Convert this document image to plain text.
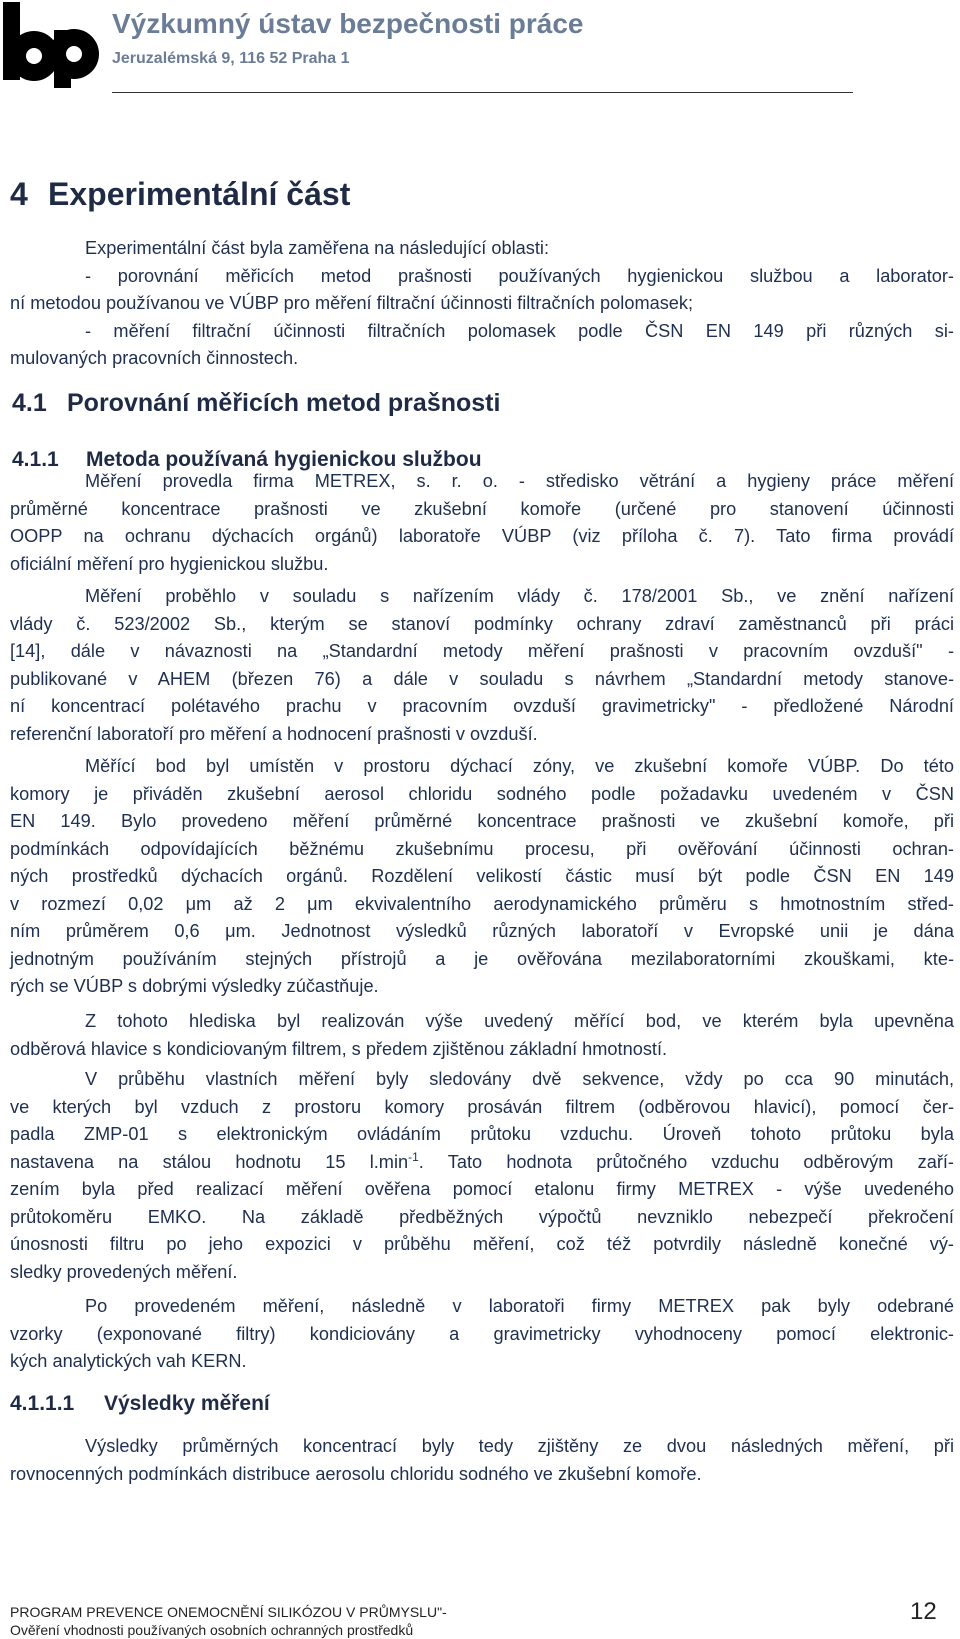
Výzkumný ústav bezpečnosti práce
Jeruzalémská 9, 116 52 Praha 1
4 Experimentální část
Experimentální část byla zaměřena na následující oblasti:
- porovnání měřicích metod prašnosti používaných hygienickou službou a laborator-
ní metodou používanou ve VÚBP pro měření filtrační účinnosti filtračních polomasek;
- měření filtrační účinnosti filtračních polomasek podle ČSN EN 149 při různých si-
mulovaných pracovních činnostech.
4.1 Porovnání měřicích metod prašnosti
4.1.1 Metoda používaná hygienickou službou
Měření provedla firma METREX, s. r. o. - středisko větrání a hygieny práce měření
průměrné koncentrace prašnosti ve zkušební komoře (určené pro stanovení účinnosti
OOPP na ochranu dýchacích orgánů) laboratoře VÚBP (viz příloha č. 7). Tato firma provádí
oficiální měření pro hygienickou službu.
Měření proběhlo v souladu s nařízením vlády č. 178/2001 Sb., ve znění nařízení
vlády č. 523/2002 Sb., kterým se stanoví podmínky ochrany zdraví zaměstnanců při práci
[14], dále v návaznosti na „Standardní metody měření prašnosti v pracovním ovzduší" -
publikované v AHEM (březen 76) a dále v souladu s návrhem „Standardní metody stanove-
ní koncentrací polétavého prachu v pracovním ovzduší gravimetricky" - předložené Národní
referenční laboratoří pro měření a hodnocení prašnosti v ovzduší.
Měřící bod byl umístěn v prostoru dýchací zóny, ve zkušební komoře VÚBP. Do této
komory je přiváděn zkušební aerosol chloridu sodného podle požadavku uvedeném v ČSN
EN 149. Bylo provedeno měření průměrné koncentrace prašnosti ve zkušební komoře, při
podmínkách odpovídajících běžnému zkušebnímu procesu, při ověřování účinnosti ochran-
ných prostředků dýchacích orgánů. Rozdělení velikostí částic musí být podle ČSN EN 149
v rozmezí 0,02 μm až 2 μm ekvivalentního aerodynamického průměru s hmotnostním střed-
ním průměrem 0,6 μm. Jednotnost výsledků různých laboratoří v Evropské unii je dána
jednotným používáním stejných přístrojů a je ověřována mezilaboratorními zkouškami, kte-
rých se VÚBP s dobrými výsledky zúčastňuje.
Z tohoto hlediska byl realizován výše uvedený měřící bod, ve kterém byla upevněna
odběrová hlavice s kondiciovaným filtrem, s předem zjištěnou základní hmotností.
V průběhu vlastních měření byly sledovány dvě sekvence, vždy po cca 90 minutách,
ve kterých byl vzduch z prostoru komory prosáván filtrem (odběrovou hlavicí), pomocí čer-
padla ZMP-01 s elektronickým ovládáním průtoku vzduchu. Úroveň tohoto průtoku byla
nastavena na stálou hodnotu 15 $l.\min^{-1}$. Tato hodnota průtočného vzduchu odběrovým zaří-
zením byla před realizací měření ověřena pomocí etalonu firmy METREX - výše uvedeného
průtokoměru EMKO. Na základě předběžných výpočtů nevzniklo nebezpečí překročení
únosnosti filtru po jeho expozici v průběhu měření, což též potvrdily následně konečné vý-
sledky provedených měření.
Po provedeném měření, následně v laboratoři firmy METREX pak byly odebrané
vzorky (exponované filtry) kondiciovány a gravimetricky vyhodnoceny pomocí elektronic-
kých analytických vah KERN.
4.1.1.1 Výsledky měření
Výsledky průměrných koncentrací byly tedy zjištěny ze dvou následných měření, při
rovnocenných podmínkách distribuce aerosolu chloridu sodného ve zkušební komoře.
PROGRAM PREVENCE ONEMOCNĚNÍ SILIKÓZOU V PRŮMYSLU"-
Ověření vhodnosti používaných osobních ochranných prostředků
12
